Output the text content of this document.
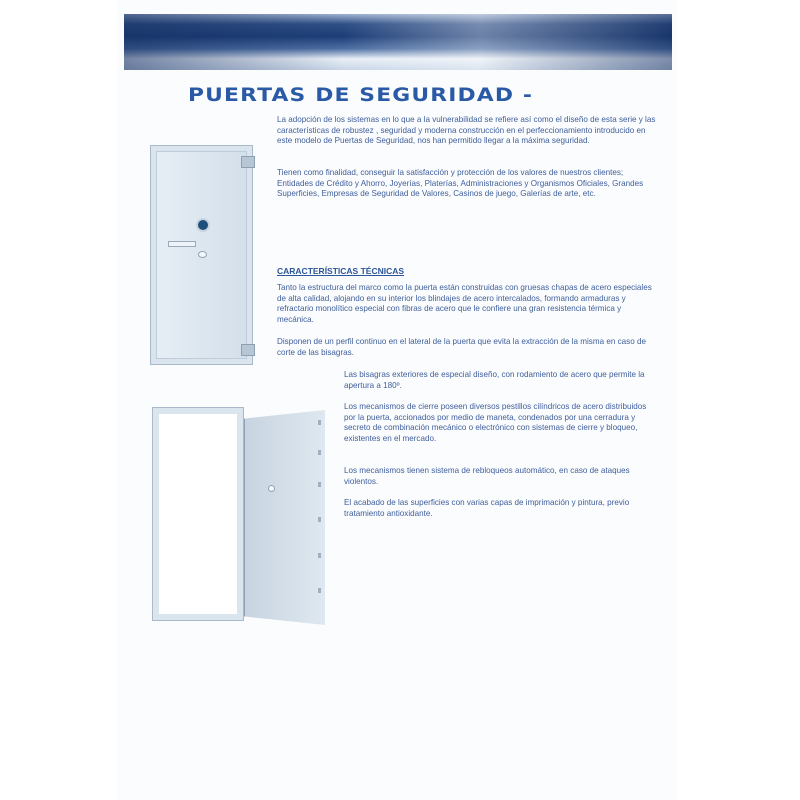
PUERTAS DE SEGURIDAD -

La adopción de los sistemas en lo que a la vulnerabilidad se refiere así como el diseño de esta serie y las características de robustez , seguridad y moderna construcción en el perfeccionamiento introducido en este modelo de Puertas de Seguridad, nos han permitido llegar a la máxima seguridad.

Tienen como finalidad, conseguir la satisfacción y protección de los valores de nuestros clientes; Entidades de Crédito y Ahorro, Joyerías, Platerías, Administraciones y Organismos Oficiales, Grandes Superficies, Empresas de Seguridad de Valores, Casinos de juego, Galerías de arte, etc.

CARACTERÍSTICAS TÉCNICAS

Tanto la estructura del marco como la puerta están construidas con gruesas chapas de acero especiales de alta calidad, alojando en su interior los blindajes de acero intercalados, formando armaduras y refractario monolítico especial con fibras de acero que le confiere una gran resistencia térmica y mecánica.

Disponen de un perfil continuo en el lateral de la puerta que evita la extracción de la misma en caso de corte de las bisagras.

Las bisagras exteriores de especial diseño, con rodamiento de acero que permite la apertura a 180º.

Los mecanismos de cierre poseen diversos pestillos cilíndricos de acero distribuidos por la puerta, accionados por medio de maneta, condenados por una cerradura y secreto de combinación mecánico o electrónico con sistemas de cierre y bloqueo, existentes en el mercado.

Los mecanismos tienen sistema de rebloqueos automático, en caso de ataques violentos.

El acabado de las superficies con varias capas de imprimación y pintura, previo tratamiento antioxidante.
